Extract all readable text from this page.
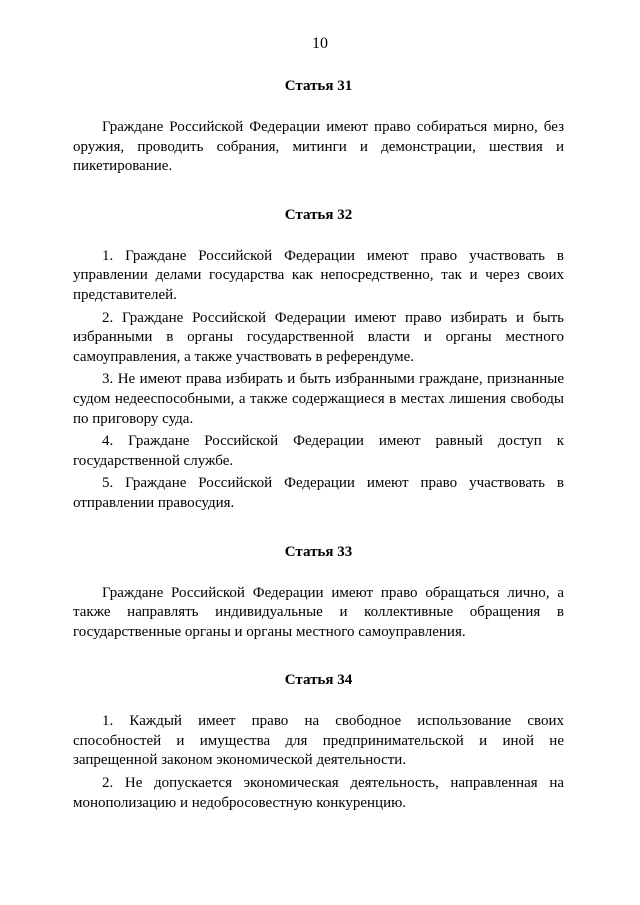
10
Статья 31

Граждане Российской Федерации имеют право собираться мирно, без оружия, проводить собрания, митинги и демонстрации, шествия и пикетирование.

Статья 32

1. Граждане Российской Федерации имеют право участвовать в управлении делами государства как непосредственно, так и через своих представителей.

2. Граждане Российской Федерации имеют право избирать и быть избранными в органы государственной власти и органы местного самоуправления, а также участвовать в референдуме.

3. Не имеют права избирать и быть избранными граждане, признанные судом недееспособными, а также содержащиеся в местах лишения свободы по приговору суда.

4. Граждане Российской Федерации имеют равный доступ к государственной службе.

5. Граждане Российской Федерации имеют право участвовать в отправлении правосудия.

Статья 33

Граждане Российской Федерации имеют право обращаться лично, а также направлять индивидуальные и коллективные обращения в государственные органы и органы местного самоуправления.

Статья 34

1. Каждый имеет право на свободное использование своих способностей и имущества для предпринимательской и иной не запрещенной законом экономической деятельности.

2. Не допускается экономическая деятельность, направленная на монополизацию и недобросовестную конкуренцию.
